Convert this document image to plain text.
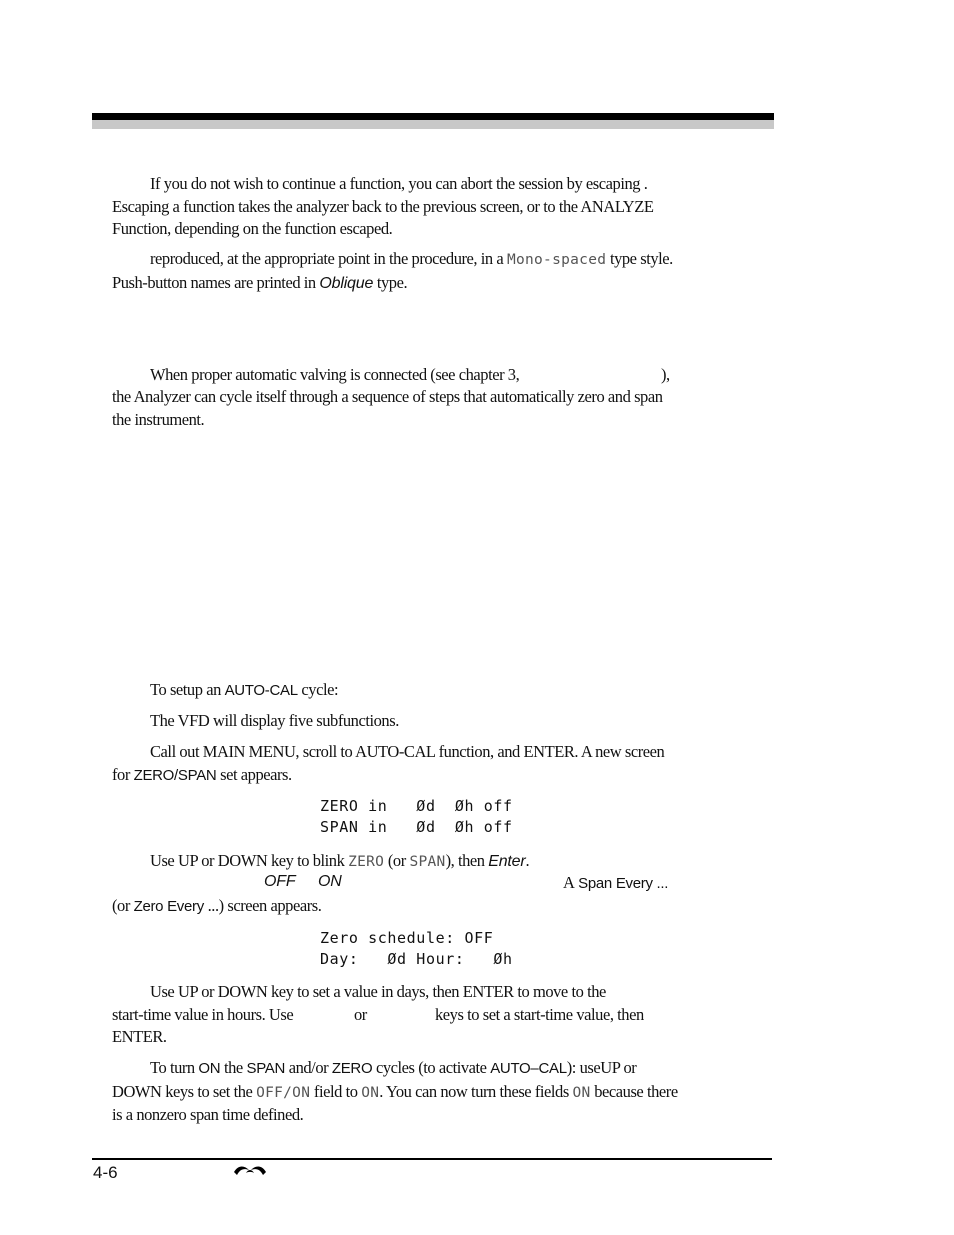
If you do not wish to continue a function, you can abort the session by escaping . Escaping a function takes the analyzer back to the previous screen, or to the ANALYZE Function, depending on the function escaped.

reproduced, at the appropriate point in the procedure, in a Mono-spaced type style. Push-button names are printed in Oblique type.

When proper automatic valving is connected (see chapter 3,	),

the Analyzer can cycle itself through a sequence of steps that automatically zero and span the instrument.

To setup an AUTO-CAL cycle:

The VFD will display five subfunctions.

Call out MAIN MENU, scroll to AUTO-CAL function, and ENTER. A new screen for ZERO/SPAN set appears.

ZERO in   Ød  Øh off
SPAN in   Ød  Øh off

Use UP or DOWN key to blink ZERO (or SPAN), then Enter.

OFF ON	A Span Every ...
(or Zero Every ...) screen appears.
Zero schedule: OFF
Day:   Ød Hour:   Øh
Use UP or DOWN key to set a value in days, then ENTER to move to the
start-time value in hours. Use	or	keys to set a start-time value, then
ENTER.

To turn ON the SPAN and/or ZERO cycles (to activate AUTO–CAL): useUP or DOWN keys to set the OFF/ON field to ON. You can now turn these fields ON because there is a nonzero span time defined.

4-6
